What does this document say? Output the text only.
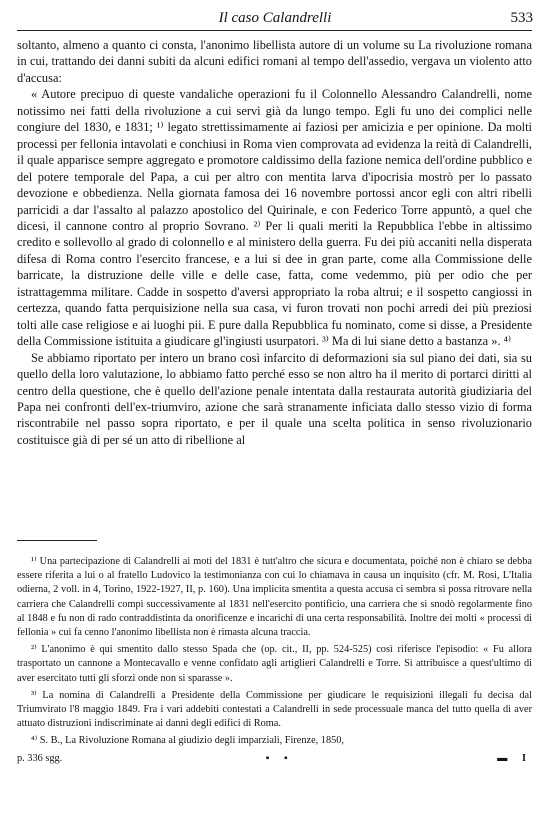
Il caso Calandrelli	533

soltanto, almeno a quanto ci consta, l'anonimo libellista autore di un volume su La rivoluzione romana in cui, trattando dei danni subiti da alcuni edifici romani al tempo dell'assedio, vergava un violento atto d'accusa:

« Autore precipuo di queste vandaliche operazioni fu il Colonnello Alessandro Calandrelli, nome notissimo nei fatti della rivoluzione a cui servì già da lungo tempo. Egli fu uno dei complici nelle congiure del 1830, e 1831; ¹⁾ legato strettissimamente ai faziosi per amicizia e per opinione. Da molti processi per fellonia intavolati e conchiusi in Roma vien comprovata ad evidenza la reità di Calandrelli, il quale apparisce sempre aggregato e promotore caldissimo della fazione nemica dell'ordine pubblico e del potere temporale del Papa, a cui per altro con mentita larva d'ipocrisia mostrò per lo passato devozione e obbedienza. Nella giornata famosa dei 16 novembre portossi ancor egli con altri ribelli parricidi a dar l'assalto al palazzo apostolico del Quirinale, e con Federico Torre appuntò, a quel che dicesi, il cannone contro al proprio Sovrano. ²⁾ Per li quali meriti la Repubblica l'ebbe in altissimo credito e sollevollo al grado di colonnello e al ministero della guerra. Fu dei più accaniti nella disperata difesa di Roma contro l'esercito francese, e a lui si dee in gran parte, come alla Commissione delle barricate, la distruzione delle ville e delle case, fatta, come vedemmo, più per odio che per istrattagemma militare. Cadde in sospetto d'aversi appropriato la roba altrui; e il sospetto cangiossi in certezza, quando fatta perquisizione nella sua casa, vi furon trovati non pochi arredi dei più preziosi tolti alle case religiose e ai luoghi pii. E pure dalla Repubblica fu nominato, come si disse, a Presidente della Commissione istituita a giudicare gl'ingiusti usurpatori. ³⁾ Ma di lui siane detto a bastanza ». ⁴⁾

Se abbiamo riportato per intero un brano così infarcito di deformazioni sia sul piano dei dati, sia su quello della loro valutazione, lo abbiamo fatto perché esso se non altro ha il merito di portarci diritti al centro della questione, che è quello dell'azione penale intentata dalla restaurata autorità giudiziaria del Papa nei confronti dell'ex-triumviro, azione che sarà stranamente inficiata dallo stesso vizio di forma riscontrabile nel passo sopra riportato, e per il quale una scelta politica in senso rivoluzionario costituisce già di per sé un atto di ribellione al

¹⁾ Una partecipazione di Calandrelli ai moti del 1831 è tutt'altro che sicura e documentata, poiché non è chiaro se debba essere riferita a lui o al fratello Ludovico la testimonianza con cui lo chiamava in causa un inquisito (cfr. M. Rosi, L'Italia odierna, 2 voll. in 4, Torino, 1922-1927, II, p. 160). Una implicita smentita a questa accusa ci sembra si possa ritrovare nella carriera che Calandrelli compì successivamente al 1831 nell'esercito pontificio, una carriera che si snodò regolarmente fino al 1848 e fu non di rado contraddistinta da onorificenze e incarichi di una certa responsabilità. Inoltre dei molti « processi di fellonia » cui fa cenno l'anonimo libellista non è rimasta alcuna traccia.

²⁾ L'anonimo è qui smentito dallo stesso Spada che (op. cit., II, pp. 524-525) così riferisce l'episodio: « Fu allora trasportato un cannone a Montecavallo e venne confidato agli artiglieri Calandrelli e Torre. Si attribuisce a quest'ultimo di aver esercitato tutti gli sforzi onde non si sparasse ».

³⁾ La nomina di Calandrelli a Presidente della Commissione per giudicare le requisizioni illegali fu decisa dal Triumvirato l'8 maggio 1849. Fra i vari addebiti contestati a Calandrelli in sede processuale manca del tutto quella di aver attuato distruzioni indiscriminate ai danni degli edifici di Roma.

⁴⁾ S. B., La Rivoluzione Romana al giudizio degli imparziali, Firenze, 1850,

p. 336 sgg.	▪ ▪	▬ I
